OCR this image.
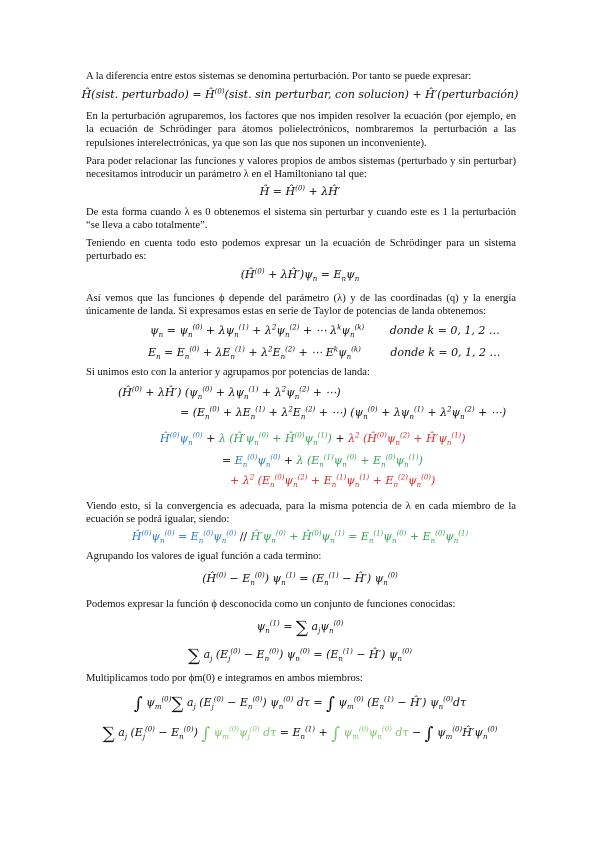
A la diferencia entre estos sistemas se denomina perturbación. Por tanto se puede expresar:
Ĥ(sist. perturbado) = $Ĥ^{(0)}(sist$. sin perturbar, con solucion) + Ĥ′(perturbación)
En la perturbación agruparemos, los factores que nos impiden resolver la ecuación (por ejemplo, en la ecuación de Schrödinger para átomos polielectrónicos, nombraremos la perturbación a las repulsiones interelectrónicas, ya que son las que nos suponen un inconveniente).
Para poder relacionar las funciones y valores propios de ambos sistemas (perturbado y sin perturbar) necesitamos introducir un parámetro λ en el Hamiltoniano tal que:
Ĥ = $Ĥ^{(0)}$ + λĤ′
De esta forma cuando λ es 0 obtenemos el sistema sin perturbar y cuando este es 1 la perturbación “se lleva a cabo totalmente”.
Teniendo en cuenta todo esto podemos expresar un la ecuación de Schrödinger para un sistema perturbado es:
($Ĥ^{(0)}$ + $\lambda Ĥ')\psi_n = E_n\psi_n$
Así vemos que las funciones ϕ depende del parámetro (λ) y de las coordinadas (q) y la energía únicamente de landa. Si expresamos estas en serie de Taylor de potencias de landa obtenemos:
$\psi_n = \psi_n^{(0)} + \lambda\psi_n^{(1)} + \lambda^2\psi_n^{(2)}$ + ⋯ $\lambda^k\psi_n^{(k)}$ donde k = 0, 1, 2 …
$E_n = E_n^{(0)} + \lambda E_n^{(1)} + \lambda^2E_n^{(2)}$ + ⋯ $E^k\psi_n^{(k)}$	donde k = 0, 1, 2 …
Si unimos esto con la anterior y agrupamos por potencias de landa:
($Ĥ^{(0)}$ + λĤ′) ($\psi_n^{(0)} + \lambda\psi_n^{(1)} + \lambda^2\psi_n^{(2)}$ + ⋯)
= ($E_n^{(0)} + \lambda E_n^{(1)} + \lambda^2E_n^{(2)}$ + ⋯) ($\psi_n^{(0)} + \lambda\psi_n^{(1)} + \lambda^2\psi_n^{(2)}$ + ⋯)
$Ĥ^{(0)}\psi_n^{(0)} + \lambda$ ($Ĥ'\psi_n^{(0)}$ + $Ĥ^{(0)}\psi_n^{(1)}) + \lambda^2$ ($Ĥ^{(0)}\psi_n^{(2)}$ + $Ĥ'\psi_n^{(1)}$)
= $E_n^{(0)}\psi_n^{(0)} + \lambda$ $(E_n^{(1)}\psi_n^{(0)} + E_n^{(0)}\psi_n^{(1)})$
+ $\lambda^2$ $(E_n^{(0)}\psi_n^{(2)} + E_n^{(1)}\psi_n^{(1)} + E_n^{(2)}\psi_n^{(0)})$
Viendo esto, si la convergencia es adecuada, para la misma potencia de λ en cada miembro de la ecuación se podrá igualar, siendo:
$Ĥ^{(0)}\psi_n^{(0)} = E_n^{(0)}\psi_n^{(0)}$ // $Ĥ'\psi_n^{(0)}$ + $Ĥ^{(0)}\psi_n^{(1)} = E_n^{(1)}\psi_n^{(0)} + E_n^{(0)}\psi_n^{(1)}$
Agrupando los valores de igual función a cada termino:
$(Ĥ^{(0)} - E_n^{(0)}) \psi_n^{(1)} = (E_n^{(1)}$ − Ĥ′) $\psi_n^{(0)}$
Podemos expresar la función ϕ desconocida como un conjunto de funciones conocidas:
$\psi_n^{(1)}$ = ∑ $a_j\psi_n^{(0)}$
∑ $a_j$ $(E_j^{(0)} - E_n^{(0)}) \psi_n^{(0)} = (E_n^{(1)}$ − Ĥ′) $\psi_n^{(0)}$
Multiplicamos todo por ϕm(0) e integramos en ambos miembros:
∫ $\psi_m^{(0)}\sum$ $a_j$ $(E_j^{(0)} - E_n^{(0)})$ $\psi_n^{(0)}$ dτ = ∫ $\psi_m^{(0)}$ ($E_n^{(1)}$ − Ĥ′) $\psi_n^{(0)}d\tau$
∑ $a_j$ $(E_j^{(0)} - E_n^{(0)})$ ∫ $\psi_m^{(0)}\psi_j^{(0)}$ $d\tau = E_n^{(1)}$ + ∫ $\psi_m^{(0)}\psi_n^{(0)}$ dτ − ∫ $\psi_m^{(0)}Ĥ'\psi_n^{(0)}$
